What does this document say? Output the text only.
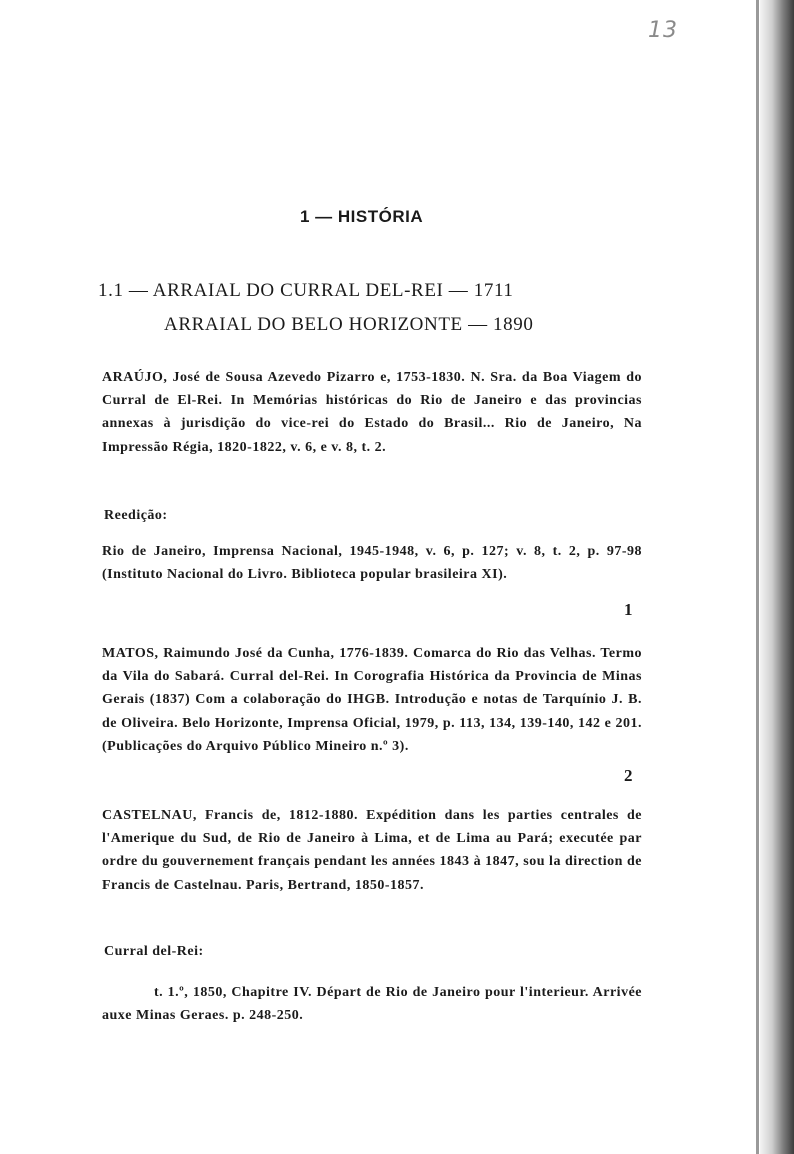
13
1 — HISTÓRIA
1.1 — ARRAIAL DO CURRAL DEL-REI — 1711
ARRAIAL DO BELO HORIZONTE — 1890
ARAÚJO, José de Sousa Azevedo Pizarro e, 1753-1830. N. Sra. da Boa Viagem do Curral de El-Rei. In Memórias históricas do Rio de Janeiro e das provincias annexas à jurisdição do vice-rei do Estado do Brasil... Rio de Janeiro, Na Impressão Régia, 1820-1822, v. 6, e v. 8, t. 2.
Reedição:
Rio de Janeiro, Imprensa Nacional, 1945-1948, v. 6, p. 127; v. 8, t. 2, p. 97-98 (Instituto Nacional do Livro. Biblioteca popular brasileira XI).
1
MATOS, Raimundo José da Cunha, 1776-1839. Comarca do Rio das Velhas. Termo da Vila do Sabará. Curral del-Rei. In Corografia Histórica da Provincia de Minas Gerais (1837) Com a colaboração do IHGB. Introdução e notas de Tarquínio J. B. de Oliveira. Belo Horizonte, Imprensa Oficial, 1979, p. 113, 134, 139-140, 142 e 201. (Publicações do Arquivo Público Mineiro n.º 3).
2
CASTELNAU, Francis de, 1812-1880. Expédition dans les parties centrales de l'Amerique du Sud, de Rio de Janeiro à Lima, et de Lima au Pará; executée par ordre du gouvernement français pendant les années 1843 à 1847, sou la direction de Francis de Castelnau. Paris, Bertrand, 1850-1857.
Curral del-Rei:
t. 1.º, 1850, Chapitre IV. Départ de Rio de Janeiro pour l'interieur. Arrivée auxe Minas Geraes. p. 248-250.
